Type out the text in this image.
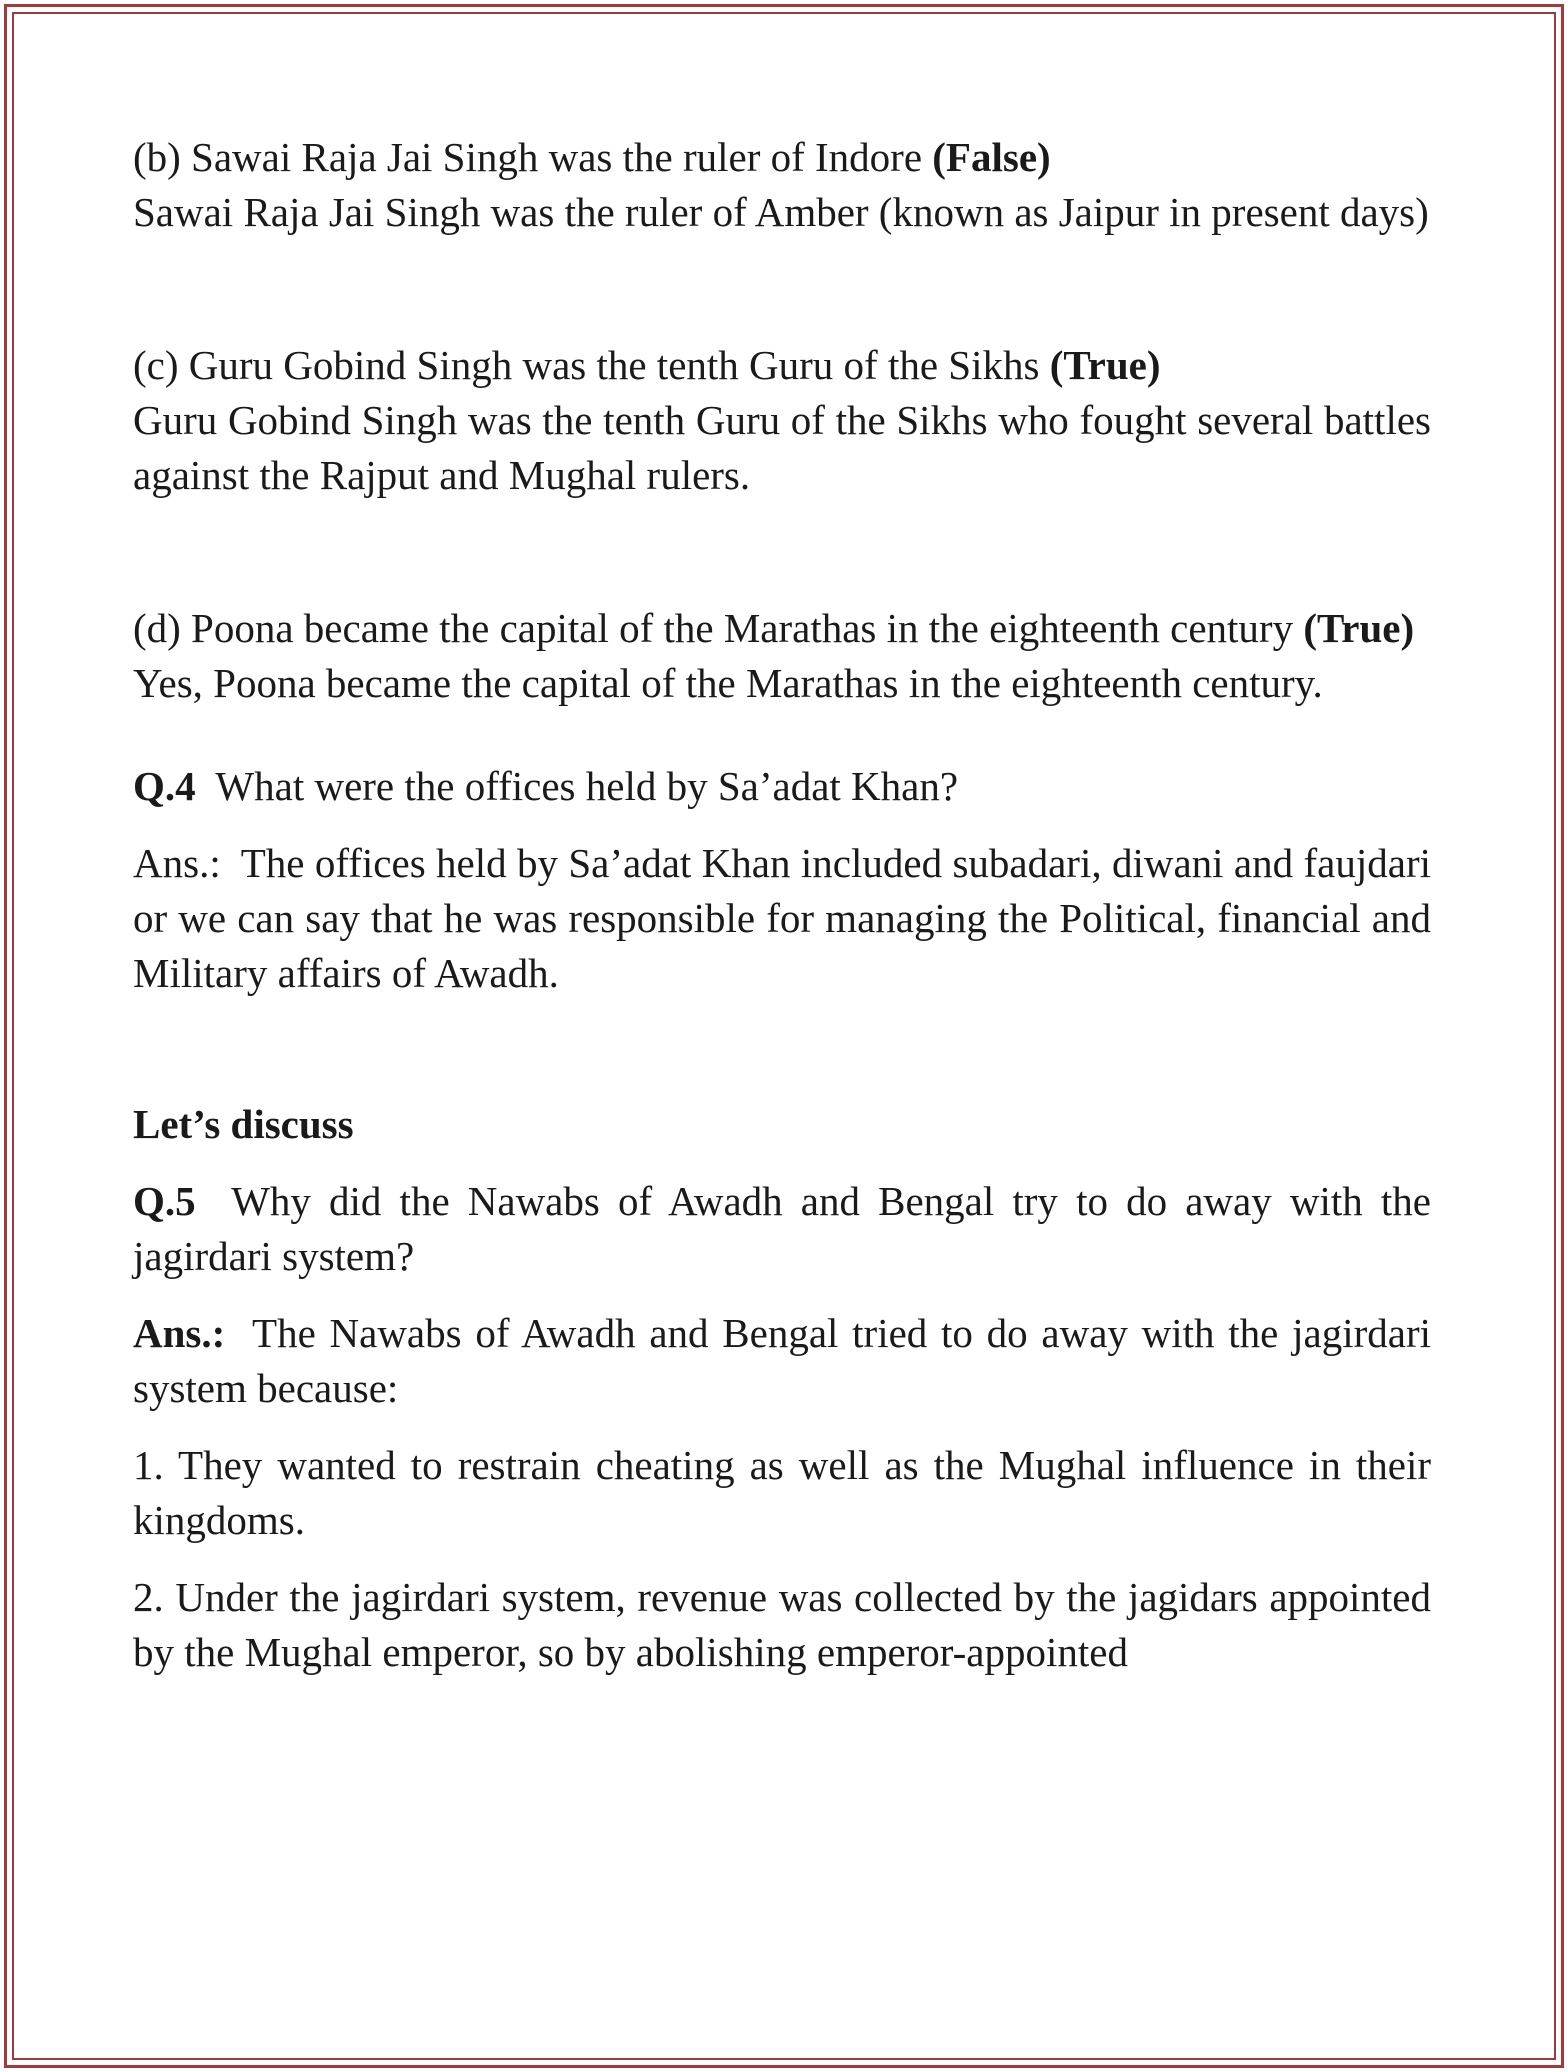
(b) Sawai Raja Jai Singh was the ruler of Indore (False)

Sawai Raja Jai Singh was the ruler of Amber (known as Jaipur in present days)

(c) Guru Gobind Singh was the tenth Guru of the Sikhs (True)

Guru Gobind Singh was the tenth Guru of the Sikhs who fought several battles against the Rajput and Mughal rulers.

(d) Poona became the capital of the Marathas in the eighteenth century (True)

Yes, Poona became the capital of the Marathas in the eighteenth century.

Q.4 What were the offices held by Sa’adat Khan?

Ans.: The offices held by Sa’adat Khan included subadari, diwani and faujdari or we can say that he was responsible for managing the Political, financial and Military affairs of Awadh.

Let’s discuss

Q.5 Why did the Nawabs of Awadh and Bengal try to do away with the jagirdari system?

Ans.: The Nawabs of Awadh and Bengal tried to do away with the jagirdari system because:

1. They wanted to restrain cheating as well as the Mughal influence in their kingdoms.

2. Under the jagirdari system, revenue was collected by the jagidars appointed by the Mughal emperor, so by abolishing emperor-appointed
